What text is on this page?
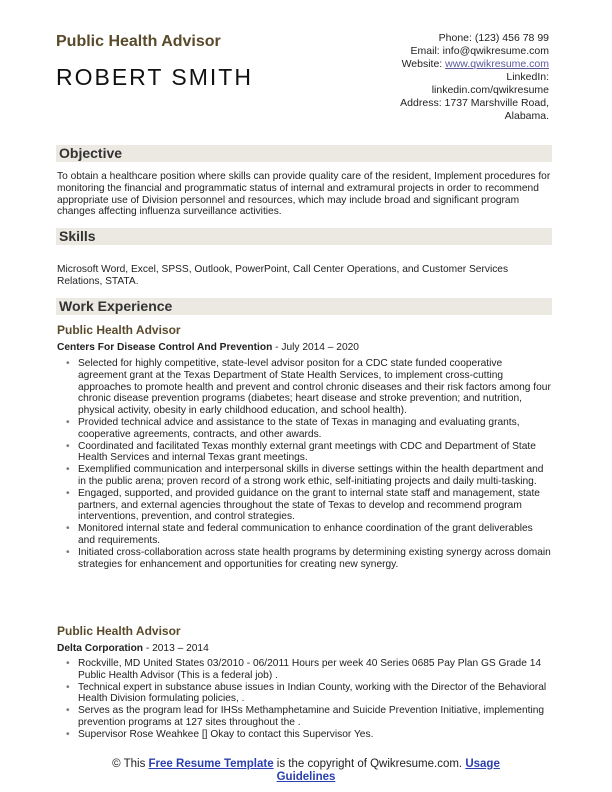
Public Health Advisor
ROBERT SMITH
Phone: (123) 456 78 99
Email: info@qwikresume.com
Website: www.qwikresume.com
LinkedIn:
linkedin.com/qwikresume
Address: 1737 Marshville Road,
Alabama.
Objective
To obtain a healthcare position where skills can provide quality care of the resident, Implement procedures for monitoring the financial and programmatic status of internal and extramural projects in order to recommend appropriate use of Division personnel and resources, which may include broad and significant program changes affecting influenza surveillance activities.
Skills
Microsoft Word, Excel, SPSS, Outlook, PowerPoint, Call Center Operations, and Customer Services Relations, STATA.
Work Experience
Public Health Advisor
Centers For Disease Control And Prevention - July 2014 – 2020
• Selected for highly competitive, state-level advisor positon for a CDC state funded cooperative agreement grant at the Texas Department of State Health Services, to implement cross-cutting approaches to promote health and prevent and control chronic diseases and their risk factors among four chronic disease prevention programs (diabetes; heart disease and stroke prevention; and nutrition, physical activity, obesity in early childhood education, and school health).
• Provided technical advice and assistance to the state of Texas in managing and evaluating grants, cooperative agreements, contracts, and other awards.
• Coordinated and facilitated Texas monthly external grant meetings with CDC and Department of State Health Services and internal Texas grant meetings.
• Exemplified communication and interpersonal skills in diverse settings within the health department and in the public arena; proven record of a strong work ethic, self-initiating projects and daily multi-tasking.
• Engaged, supported, and provided guidance on the grant to internal state staff and management, state partners, and external agencies throughout the state of Texas to develop and recommend program interventions, prevention, and control strategies.
• Monitored internal state and federal communication to enhance coordination of the grant deliverables and requirements.
• Initiated cross-collaboration across state health programs by determining existing synergy across domain strategies for enhancement and opportunities for creating new synergy.
Public Health Advisor
Delta Corporation - 2013 – 2014
• Rockville, MD United States 03/2010 - 06/2011 Hours per week 40 Series 0685 Pay Plan GS Grade 14 Public Health Advisor (This is a federal job) .
• Technical expert in substance abuse issues in Indian County, working with the Director of the Behavioral Health Division formulating policies, .
• Serves as the program lead for IHSs Methamphetamine and Suicide Prevention Initiative, implementing prevention programs at 127 sites throughout the .
• Supervisor Rose Weahkee [] Okay to contact this Supervisor Yes.
© This Free Resume Template is the copyright of Qwikresume.com. Usage
Guidelines
